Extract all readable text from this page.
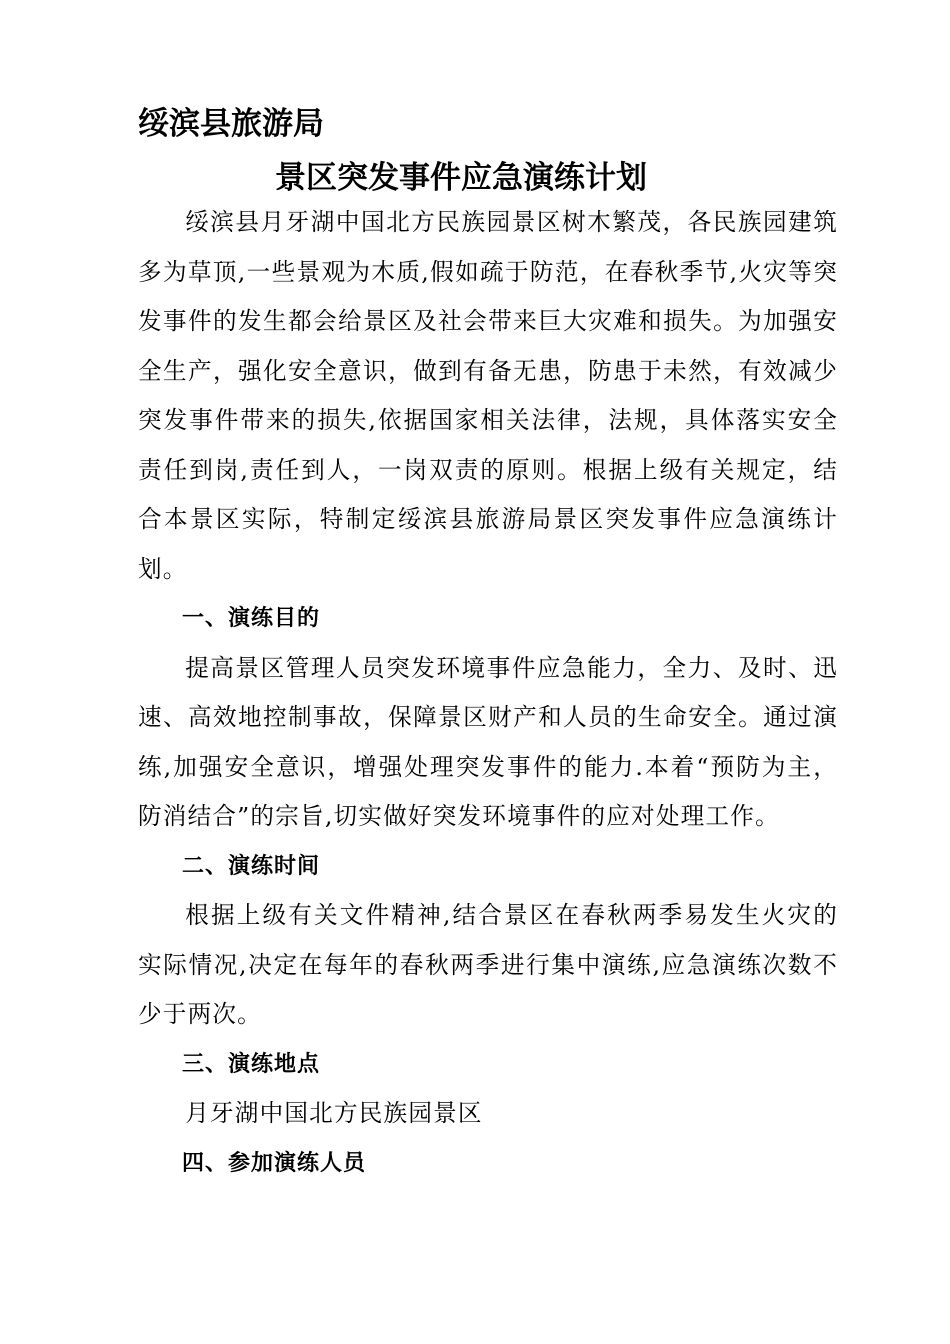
绥滨县旅游局
景区突发事件应急演练计划

绥滨县月牙湖中国北方民族园景区树木繁茂，各民族园建筑多为草顶,一些景观为木质,假如疏于防范，在春秋季节,火灾等突发事件的发生都会给景区及社会带来巨大灾难和损失。为加强安全生产，强化安全意识，做到有备无患，防患于未然，有效减少突发事件带来的损失,依据国家相关法律，法规，具体落实安全责任到岗,责任到人，一岗双责的原则。根据上级有关规定，结合本景区实际，特制定绥滨县旅游局景区突发事件应急演练计划。

一、演练目的

提高景区管理人员突发环境事件应急能力，全力、及时、迅速、高效地控制事故，保障景区财产和人员的生命安全。通过演练,加强安全意识，增强处理突发事件的能力.本着“预防为主，防消结合”的宗旨,切实做好突发环境事件的应对处理工作。

二、演练时间

根据上级有关文件精神,结合景区在春秋两季易发生火灾的实际情况,决定在每年的春秋两季进行集中演练,应急演练次数不少于两次。

三、演练地点

月牙湖中国北方民族园景区

四、参加演练人员
